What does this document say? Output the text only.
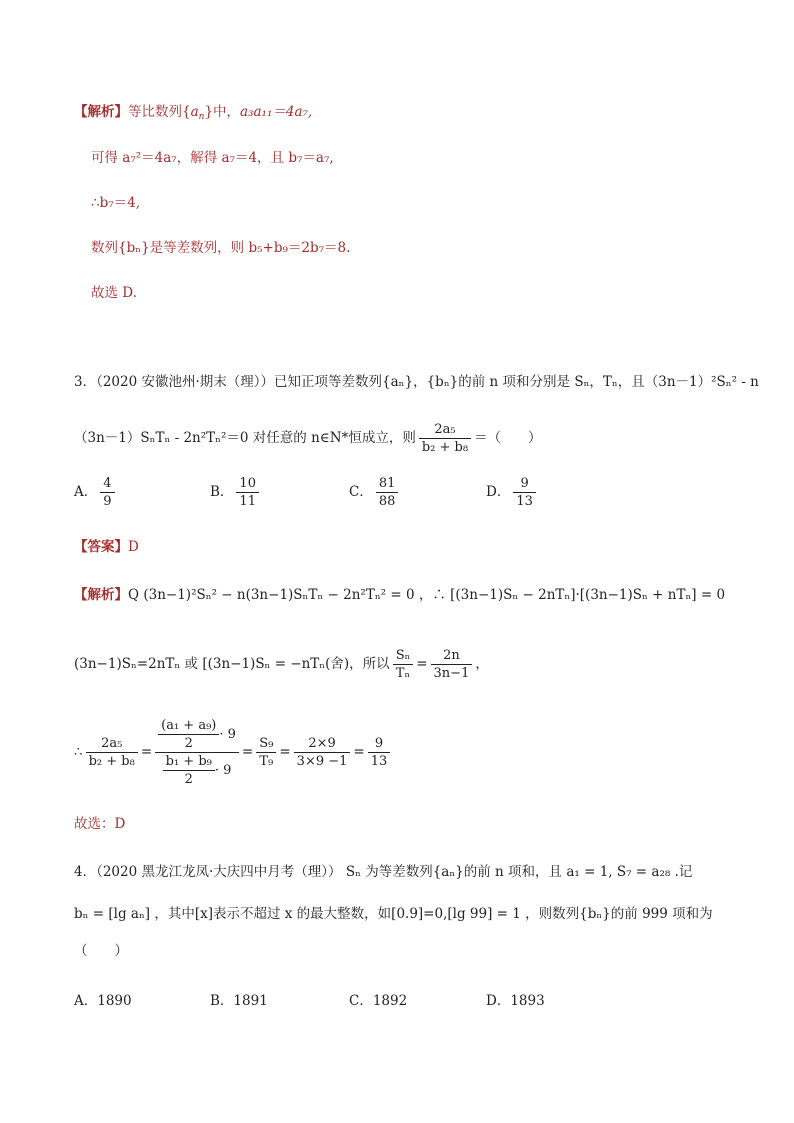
【解析】等比数列$\{a_n\}$中，a₃a₁₁＝4a₇,
可得 a₇²＝4a₇，解得 a₇＝4，且 b₇＝a₇,
∴b₇＝4,
数列{bₙ}是等差数列，则 b₅+b₉＝2b₇＝8.
故选 D.
3．（2020 安徽池州·期末（理））已知正项等差数列{aₙ}，{bₙ}的前 n 项和分别是 Sₙ，Tₙ，且（3n－1）²Sₙ² - n
（3n－1）SₙTₙ - 2n²Tₙ²＝0 对任意的 n∈N*恒成立，则 $\frac{\text{2a₅}}{\text{b₂ + b₈}}$ ＝（　　）
A． $\frac{4}{9}$	B． $\frac{10}{11}$	C． $\frac{81}{88}$	D． $\frac{9}{13}$
【答案】D
【解析】Q (3n−1)²Sₙ² − n(3n−1)SₙTₙ − 2n²Tₙ² = 0 ，∴ [(3n−1)Sₙ − 2nTₙ]·[(3n−1)Sₙ + nTₙ] = 0
(3n−1)Sₙ=2nTₙ 或 [(3n−1)Sₙ = −nTₙ(舍)，所以 $\frac{\text{Sₙ}}{\text{Tₙ}} = \frac{2n}{3n-1}$ ，
∴ $\frac{\text{2a₅}}{\text{b₂ + b₈}} = \frac{\frac{\text{(a₁ + a₉)}}{2} \cdot 9}{\frac{\text{b₁ + b₉}}{2} \cdot 9} = \frac{\text{S₉}}{\text{T₉}} = \frac{2\times 9}{3\times 9 -1} = \frac{9}{13}$
故选：D
4．（2020 黑龙江龙凤·大庆四中月考（理）） Sₙ 为等差数列{aₙ}的前 n 项和，且 a₁ = 1, S₇ = a₂₈ .记
bₙ = [lg aₙ] ，其中[x]表示不超过 x 的最大整数，如[0.9]=0,[lg 99] = 1 ，则数列{bₙ}的前 999 项和为
（　　）
A．1890	B．1891	C．1892	D．1893
